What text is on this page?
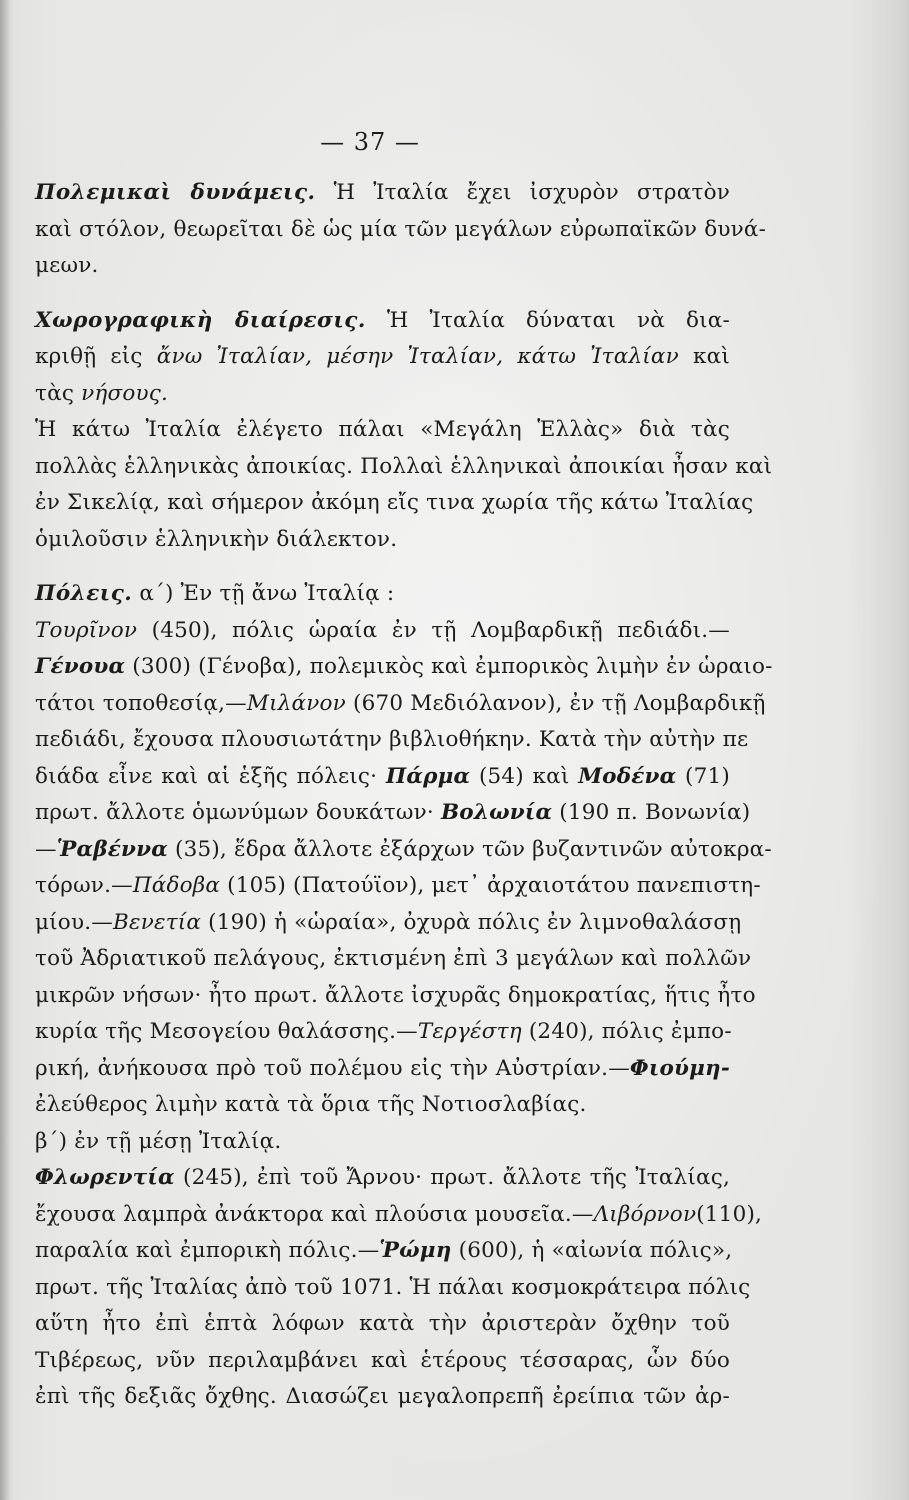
— 37 —
Πολεμικαὶ δυνάμεις. Ἡ Ἰταλία ἔχει ἰσχυρὸν στρατὸν
καὶ στόλον, θεωρεῖται δὲ ὡς μία τῶν μεγάλων εὐρωπαϊκῶν δυνά-
μεων.
Χωρογραφικὴ διαίρεσις. Ἡ Ἰταλία δύναται νὰ δια-
κριθῇ εἰς ἄνω Ἰταλίαν, μέσην Ἰταλίαν, κάτω Ἰταλίαν καὶ
τὰς νήσους.
Ἡ κάτω Ἰταλία ἐλέγετο πάλαι «Μεγάλη Ἑλλὰς» διὰ τὰς
πολλὰς ἑλληνικὰς ἀποικίας. Πολλαὶ ἑλληνικαὶ ἀποικίαι ἦσαν καὶ
ἐν Σικελίᾳ, καὶ σήμερον ἀκόμη εἴς τινα χωρία τῆς κάτω Ἰταλίας
ὁμιλοῦσιν ἑλληνικὴν διάλεκτον.
Πόλεις. α΄) Ἐν τῇ ἄνω Ἰταλίᾳ :
Τουρῖνον (450), πόλις ὡραία ἐν τῇ Λομβαρδικῇ πεδιάδι.—
Γένουα (300) (Γένοβα), πολεμικὸς καὶ ἐμπορικὸς λιμὴν ἐν ὡραιο-
τάτοι τοποθεσίᾳ,—Μιλάνον (670 Μεδιόλανον), ἐν τῇ Λομβαρδικῇ
πεδιάδι, ἔχουσα πλουσιωτάτην βιβλιοθήκην. Κατὰ τὴν αὐτὴν πε
διάδα εἶνε καὶ αἱ ἑξῆς πόλεις· Πάρμα (54) καὶ Μοδένα (71)
πρωτ. ἄλλοτε ὁμωνύμων δουκάτων· Βολωνία (190 π. Βονωνία)
—Ῥαβέννα (35), ἕδρα ἄλλοτε ἐξάρχων τῶν βυζαντινῶν αὐτοκρα-
τόρων.—Πάδοβα (105) (Πατούϊον), μετ᾽ ἀρχαιοτάτου πανεπιστη-
μίου.—Βενετία (190) ἡ «ὡραία», ὀχυρὰ πόλις ἐν λιμνοθαλάσσῃ
τοῦ Ἀδριατικοῦ πελάγους, ἐκτισμένη ἐπὶ 3 μεγάλων καὶ πολλῶν
μικρῶν νήσων· ἦτο πρωτ. ἄλλοτε ἰσχυρᾶς δημοκρατίας, ἥτις ἦτο
κυρία τῆς Μεσογείου θαλάσσης.—Τεργέστη (240), πόλις ἐμπο-
ρική, ἀνήκουσα πρὸ τοῦ πολέμου εἰς τὴν Αὐστρίαν.—Φιούμη-
ἐλεύθερος λιμὴν κατὰ τὰ ὅρια τῆς Νοτιοσλαβίας.
β΄) ἐν τῇ μέσῃ Ἰταλίᾳ.
Φλωρεντία (245), ἐπὶ τοῦ Ἄρνου· πρωτ. ἄλλοτε τῆς Ἰταλίας,
ἔχουσα λαμπρὰ ἀνάκτορα καὶ πλούσια μουσεῖα.—Λιβόρνον(110),
παραλία καὶ ἐμπορικὴ πόλις.—Ῥώμη (600), ἡ «αἰωνία πόλις»,
πρωτ. τῆς Ἰταλίας ἀπὸ τοῦ 1071. Ἡ πάλαι κοσμοκράτειρα πόλις
αὕτη ἦτο ἐπὶ ἑπτὰ λόφων κατὰ τὴν ἀριστερὰν ὄχθην τοῦ
Τιβέρεως, νῦν περιλαμβάνει καὶ ἑτέρους τέσσαρας, ὧν δύο
ἐπὶ τῆς δεξιᾶς ὄχθης. Διασώζει μεγαλοπρεπῆ ἐρείπια τῶν ἀρ-
